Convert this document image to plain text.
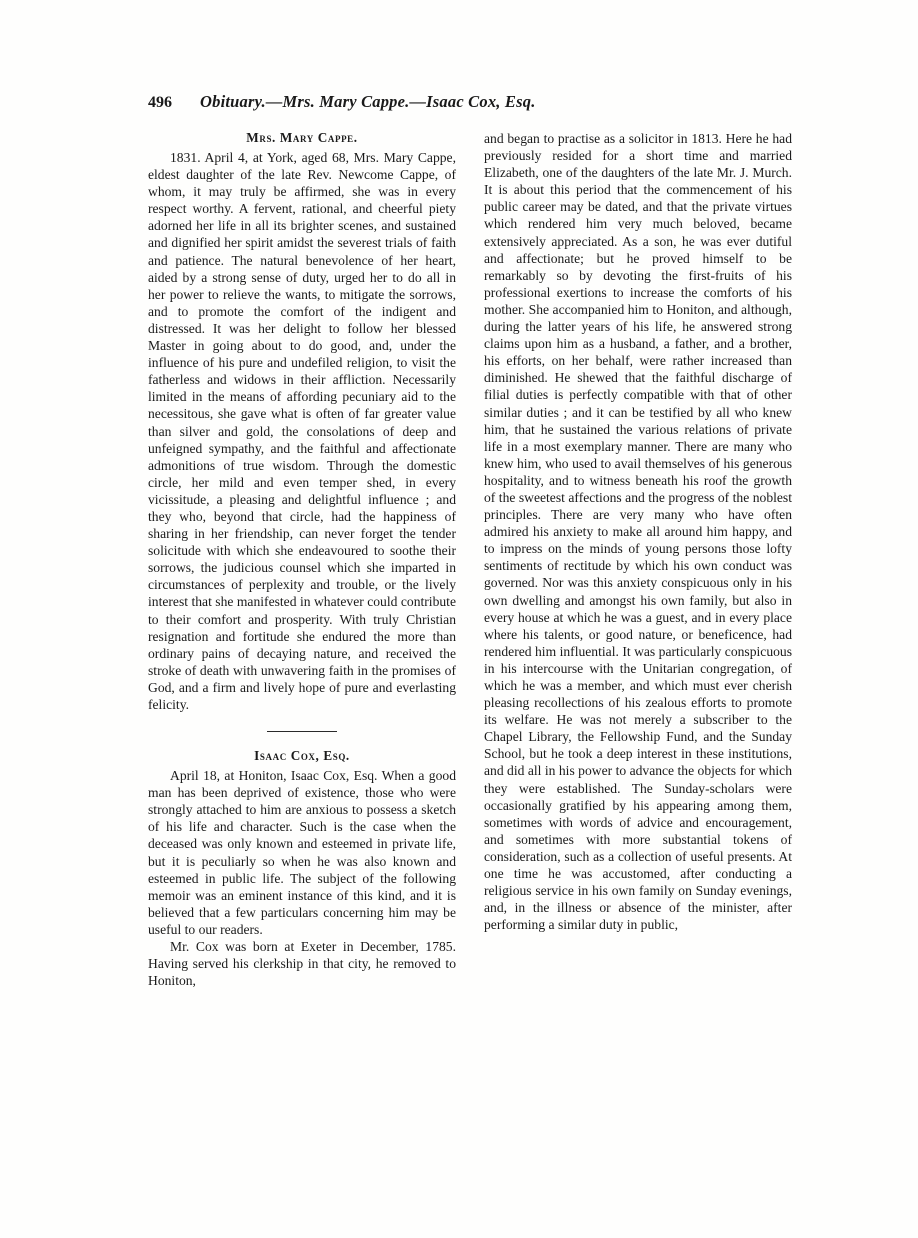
496 Obituary.—Mrs. Mary Cappe.—Isaac Cox, Esq.
Mrs. Mary Cappe.

1831. April 4, at York, aged 68, Mrs. Mary Cappe, eldest daughter of the late Rev. Newcome Cappe, of whom, it may truly be affirmed, she was in every respect worthy. A fervent, rational, and cheerful piety adorned her life in all its brighter scenes, and sustained and dignified her spirit amidst the severest trials of faith and patience. The natural benevolence of her heart, aided by a strong sense of duty, urged her to do all in her power to relieve the wants, to mitigate the sorrows, and to promote the comfort of the indigent and distressed. It was her delight to follow her blessed Master in going about to do good, and, under the influence of his pure and undefiled religion, to visit the fatherless and widows in their affliction. Necessarily limited in the means of affording pecuniary aid to the necessitous, she gave what is often of far greater value than silver and gold, the consolations of deep and unfeigned sympathy, and the faithful and affectionate admonitions of true wisdom. Through the domestic circle, her mild and even temper shed, in every vicissitude, a pleasing and delightful influence ; and they who, beyond that circle, had the happiness of sharing in her friendship, can never forget the tender solicitude with which she endeavoured to soothe their sorrows, the judicious counsel which she imparted in circumstances of perplexity and trouble, or the lively interest that she manifested in whatever could contribute to their comfort and prosperity. With truly Christian resignation and fortitude she endured the more than ordinary pains of decaying nature, and received the stroke of death with unwavering faith in the promises of God, and a firm and lively hope of pure and everlasting felicity.

Isaac Cox, Esq.

April 18, at Honiton, Isaac Cox, Esq. When a good man has been deprived of existence, those who were strongly attached to him are anxious to possess a sketch of his life and character. Such is the case when the deceased was only known and esteemed in private life, but it is peculiarly so when he was also known and esteemed in public life. The subject of the following memoir was an eminent instance of this kind, and it is believed that a few particulars concerning him may be useful to our readers.

Mr. Cox was born at Exeter in December, 1785. Having served his clerkship in that city, he removed to Honiton,

and began to practise as a solicitor in 1813. Here he had previously resided for a short time and married Elizabeth, one of the daughters of the late Mr. J. Murch. It is about this period that the commencement of his public career may be dated, and that the private virtues which rendered him very much beloved, became extensively appreciated. As a son, he was ever dutiful and affectionate; but he proved himself to be remarkably so by devoting the first-fruits of his professional exertions to increase the comforts of his mother. She accompanied him to Honiton, and although, during the latter years of his life, he answered strong claims upon him as a husband, a father, and a brother, his efforts, on her behalf, were rather increased than diminished. He shewed that the faithful discharge of filial duties is perfectly compatible with that of other similar duties ; and it can be testified by all who knew him, that he sustained the various relations of private life in a most exemplary manner. There are many who knew him, who used to avail themselves of his generous hospitality, and to witness beneath his roof the growth of the sweetest affections and the progress of the noblest principles. There are very many who have often admired his anxiety to make all around him happy, and to impress on the minds of young persons those lofty sentiments of rectitude by which his own conduct was governed. Nor was this anxiety conspicuous only in his own dwelling and amongst his own family, but also in every house at which he was a guest, and in every place where his talents, or good nature, or beneficence, had rendered him influential. It was particularly conspicuous in his intercourse with the Unitarian congregation, of which he was a member, and which must ever cherish pleasing recollections of his zealous efforts to promote its welfare. He was not merely a subscriber to the Chapel Library, the Fellowship Fund, and the Sunday School, but he took a deep interest in these institutions, and did all in his power to advance the objects for which they were established. The Sunday-scholars were occasionally gratified by his appearing among them, sometimes with words of advice and encouragement, and sometimes with more substantial tokens of consideration, such as a collection of useful presents. At one time he was accustomed, after conducting a religious service in his own family on Sunday evenings, and, in the illness or absence of the minister, after performing a similar duty in public,
